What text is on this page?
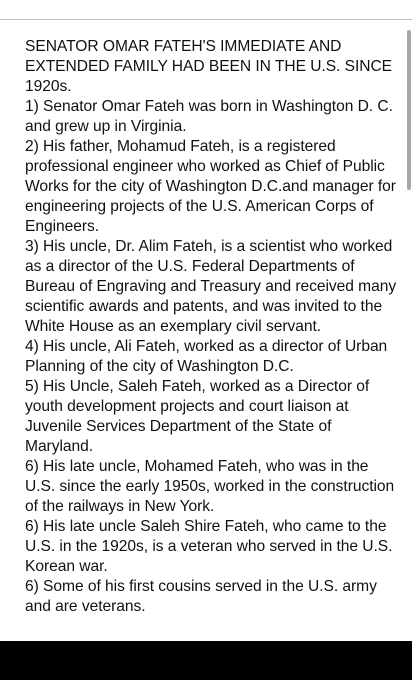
SENATOR OMAR FATEH'S IMMEDIATE AND EXTENDED FAMILY HAD BEEN IN THE U.S. SINCE 1920s.

1) Senator Omar Fateh was born in Washington D. C. and grew up in Virginia.

2) His father, Mohamud Fateh, is a registered professional engineer who worked as Chief of Public Works for the city of Washington D.C.and manager for engineering projects of the U.S. American Corps of Engineers.

3) His uncle, Dr. Alim Fateh, is a scientist who worked as a director of the U.S. Federal Departments of Bureau of Engraving and Treasury and received many scientific awards and patents, and was invited to the White House as an exemplary civil servant.

4) His uncle, Ali Fateh, worked as a director of Urban Planning of the city of Washington D.C.

5) His Uncle, Saleh Fateh, worked as a Director of youth development projects and court liaison at Juvenile Services Department of the State of Maryland.

6) His late uncle, Mohamed Fateh, who was in the U.S. since the early 1950s, worked in the construction of the railways in New York.

6) His late uncle Saleh Shire Fateh, who came to the U.S. in the 1920s, is a veteran who served in the U.S. Korean war.

6) Some of his first cousins served in the U.S. army and are veterans.
